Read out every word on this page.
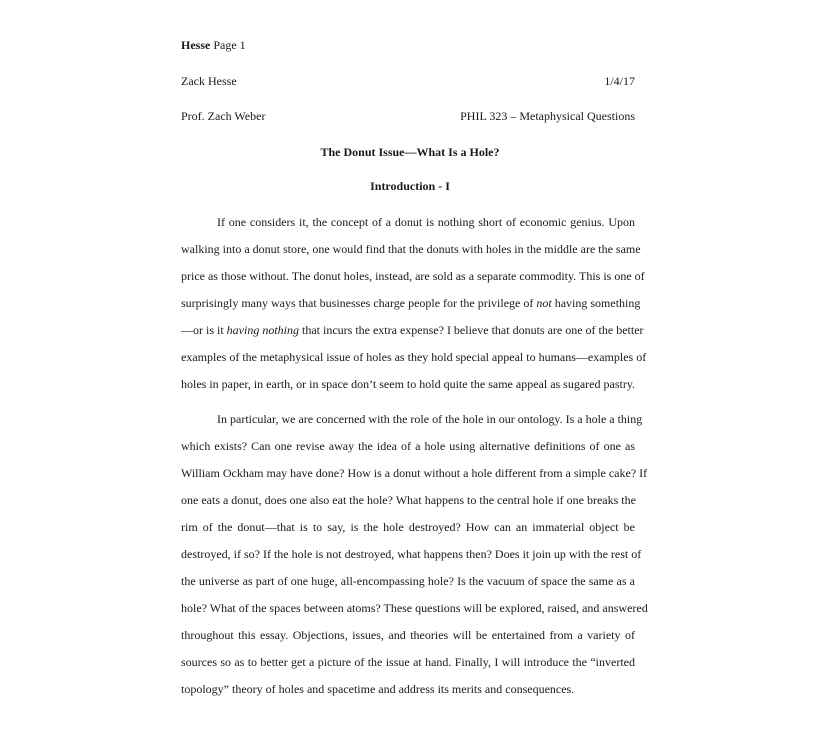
Hesse Page 1
Zack Hesse	1/4/17
Prof. Zach Weber	PHIL 323 – Metaphysical Questions
The Donut Issue—What Is a Hole?
Introduction - I
If one considers it, the concept of a donut is nothing short of economic genius. Upon
walking into a donut store, one would find that the donuts with holes in the middle are the same
price as those without. The donut holes, instead, are sold as a separate commodity. This is one of
surprisingly many ways that businesses charge people for the privilege of not having something
—or is it having nothing that incurs the extra expense? I believe that donuts are one of the better
examples of the metaphysical issue of holes as they hold special appeal to humans—examples of
holes in paper, in earth, or in space don’t seem to hold quite the same appeal as sugared pastry.
In particular, we are concerned with the role of the hole in our ontology. Is a hole a thing
which exists? Can one revise away the idea of a hole using alternative definitions of one as
William Ockham may have done? How is a donut without a hole different from a simple cake? If
one eats a donut, does one also eat the hole? What happens to the central hole if one breaks the
rim of the donut—that is to say, is the hole destroyed? How can an immaterial object be
destroyed, if so? If the hole is not destroyed, what happens then? Does it join up with the rest of
the universe as part of one huge, all-encompassing hole? Is the vacuum of space the same as a
hole? What of the spaces between atoms? These questions will be explored, raised, and answered
throughout this essay. Objections, issues, and theories will be entertained from a variety of
sources so as to better get a picture of the issue at hand. Finally, I will introduce the “inverted
topology” theory of holes and spacetime and address its merits and consequences.
